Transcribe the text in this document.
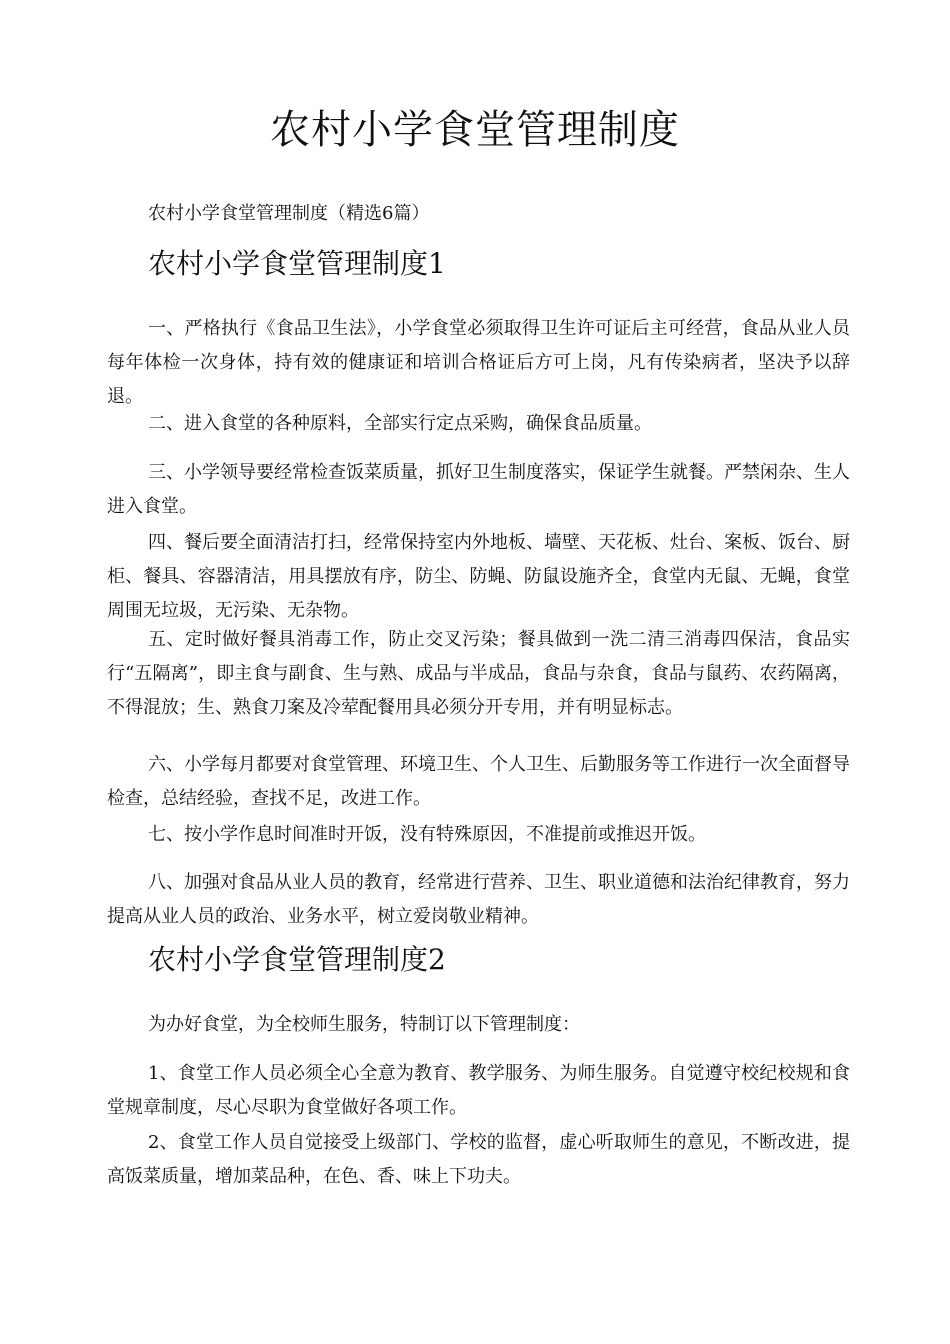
农村小学食堂管理制度

农村小学食堂管理制度（精选6篇）

农村小学食堂管理制度1

一、严格执行《食品卫生法》，小学食堂必须取得卫生许可证后主可经营，食品从业人员每年体检一次身体，持有效的健康证和培训合格证后方可上岗，凡有传染病者，坚决予以辞退。

二、进入食堂的各种原料，全部实行定点采购，确保食品质量。

三、小学领导要经常检查饭菜质量，抓好卫生制度落实，保证学生就餐。严禁闲杂、生人进入食堂。

四、餐后要全面清洁打扫，经常保持室内外地板、墙壁、天花板、灶台、案板、饭台、厨柜、餐具、容器清洁，用具摆放有序，防尘、防蝇、防鼠设施齐全，食堂内无鼠、无蝇，食堂周围无垃圾，无污染、无杂物。

五、定时做好餐具消毒工作，防止交叉污染；餐具做到一洗二清三消毒四保洁，食品实行“五隔离”，即主食与副食、生与熟、成品与半成品，食品与杂食，食品与鼠药、农药隔离，不得混放；生、熟食刀案及冷荤配餐用具必须分开专用，并有明显标志。

六、小学每月都要对食堂管理、环境卫生、个人卫生、后勤服务等工作进行一次全面督导检查，总结经验，查找不足，改进工作。

七、按小学作息时间准时开饭，没有特殊原因，不准提前或推迟开饭。

八、加强对食品从业人员的教育，经常进行营养、卫生、职业道德和法治纪律教育，努力提高从业人员的政治、业务水平，树立爱岗敬业精神。

农村小学食堂管理制度2

为办好食堂，为全校师生服务，特制订以下管理制度：

1、食堂工作人员必须全心全意为教育、教学服务、为师生服务。自觉遵守校纪校规和食堂规章制度，尽心尽职为食堂做好各项工作。

2、食堂工作人员自觉接受上级部门、学校的监督，虚心听取师生的意见，不断改进，提高饭菜质量，增加菜品种，在色、香、味上下功夫。
